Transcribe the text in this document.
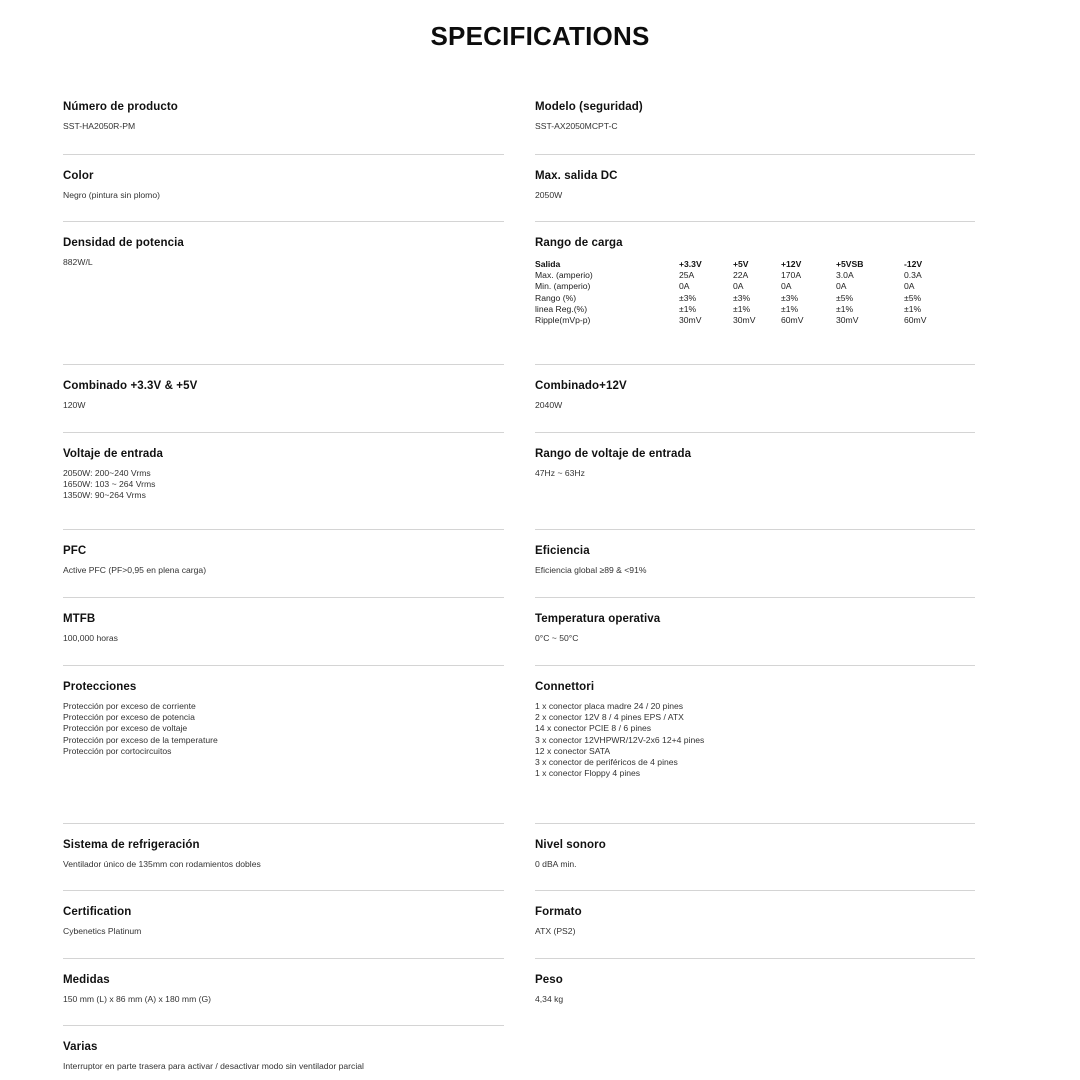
SPECIFICATIONS
Número de producto
SST-HA2050R-PM
Modelo (seguridad)
SST-AX2050MCPT-C
Color
Negro (pintura sin plomo)
Max. salida DC
2050W
Densidad de potencia
882W/L
Rango de carga
Salida	+3.3V	+5V	+12V	+5VSB	-12V
Max. (amperio)	25A	22A	170A	3.0A	0.3A
Min. (amperio)	0A	0A	0A	0A	0A
Rango (%)	±3%	±3%	±3%	±5%	±5%
linea Reg.(%)	±1%	±1%	±1%	±1%	±1%
Ripple(mVp-p)	30mV	30mV	60mV	30mV	60mV
Combinado +3.3V & +5V
120W
Combinado+12V
2040W
Voltaje de entrada
2050W: 200~240 Vrms
1650W: 103 ~ 264 Vrms
1350W: 90~264 Vrms
Rango de voltaje de entrada
47Hz ~ 63Hz
PFC
Active PFC (PF>0,95 en plena carga)
Eficiencia
Eficiencia global ≥89 & <91%
MTFB
100,000 horas
Temperatura operativa
0°C ~ 50°C
Protecciones
Protección por exceso de corriente
Protección por exceso de potencia
Protección por exceso de voltaje
Protección por exceso de la temperature
Protección por cortocircuitos
Connettori
1 x conector placa madre 24 / 20 pines
2 x conector 12V 8 / 4 pines EPS / ATX
14 x conector PCIE 8 / 6 pines
3 x conector 12VHPWR/12V-2x6 12+4 pines
12 x conector SATA
3 x conector de periféricos de 4 pines
1 x conector Floppy 4 pines
Sistema de refrigeración
Ventilador único de 135mm con rodamientos dobles
Nivel sonoro
0 dBA min.
Certification
Cybenetics Platinum
Formato
ATX (PS2)
Medidas
150 mm (L) x 86 mm (A) x 180 mm (G)
Peso
4,34 kg
Varias
Interruptor en parte trasera para activar / desactivar modo sin ventilador parcial
